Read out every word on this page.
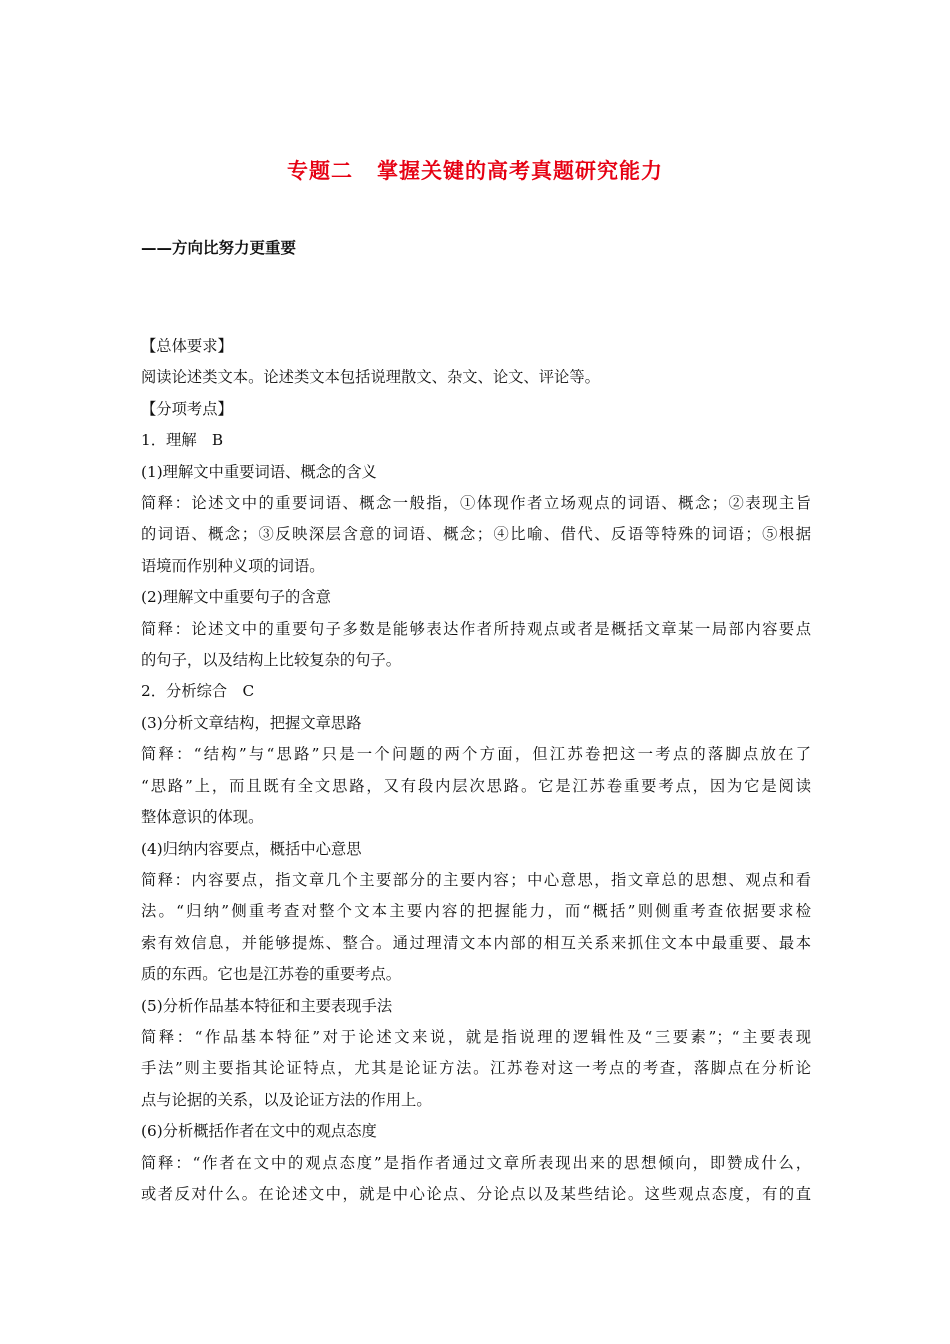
专题二 掌握关键的高考真题研究能力
——方向比努力更重要

【总体要求】

阅读论述类文本。论述类文本包括说理散文、杂文、论文、评论等。

【分项考点】

1．理解　B

(1)理解文中重要词语、概念的含义

简释：论述文中的重要词语、概念一般指，①体现作者立场观点的词语、概念；②表现主旨

的词语、概念；③反映深层含意的词语、概念；④比喻、借代、反语等特殊的词语；⑤根据

语境而作别种义项的词语。

(2)理解文中重要句子的含意

简释：论述文中的重要句子多数是能够表达作者所持观点或者是概括文章某一局部内容要点

的句子，以及结构上比较复杂的句子。

2．分析综合　C

(3)分析文章结构，把握文章思路

简释：“结构”与“思路”只是一个问题的两个方面，但江苏卷把这一考点的落脚点放在了

“思路”上，而且既有全文思路，又有段内层次思路。它是江苏卷重要考点，因为它是阅读

整体意识的体现。

(4)归纳内容要点，概括中心意思

简释：内容要点，指文章几个主要部分的主要内容；中心意思，指文章总的思想、观点和看

法。“归纳”侧重考查对整个文本主要内容的把握能力，而“概括”则侧重考查依据要求检

索有效信息，并能够提炼、整合。通过理清文本内部的相互关系来抓住文本中最重要、最本

质的东西。它也是江苏卷的重要考点。

(5)分析作品基本特征和主要表现手法

简释：“作品基本特征”对于论述文来说，就是指说理的逻辑性及“三要素”；“主要表现

手法”则主要指其论证特点，尤其是论证方法。江苏卷对这一考点的考查，落脚点在分析论

点与论据的关系，以及论证方法的作用上。

(6)分析概括作者在文中的观点态度

简释：“作者在文中的观点态度”是指作者通过文章所表现出来的思想倾向，即赞成什么，

或者反对什么。在论述文中，就是中心论点、分论点以及某些结论。这些观点态度，有的直
